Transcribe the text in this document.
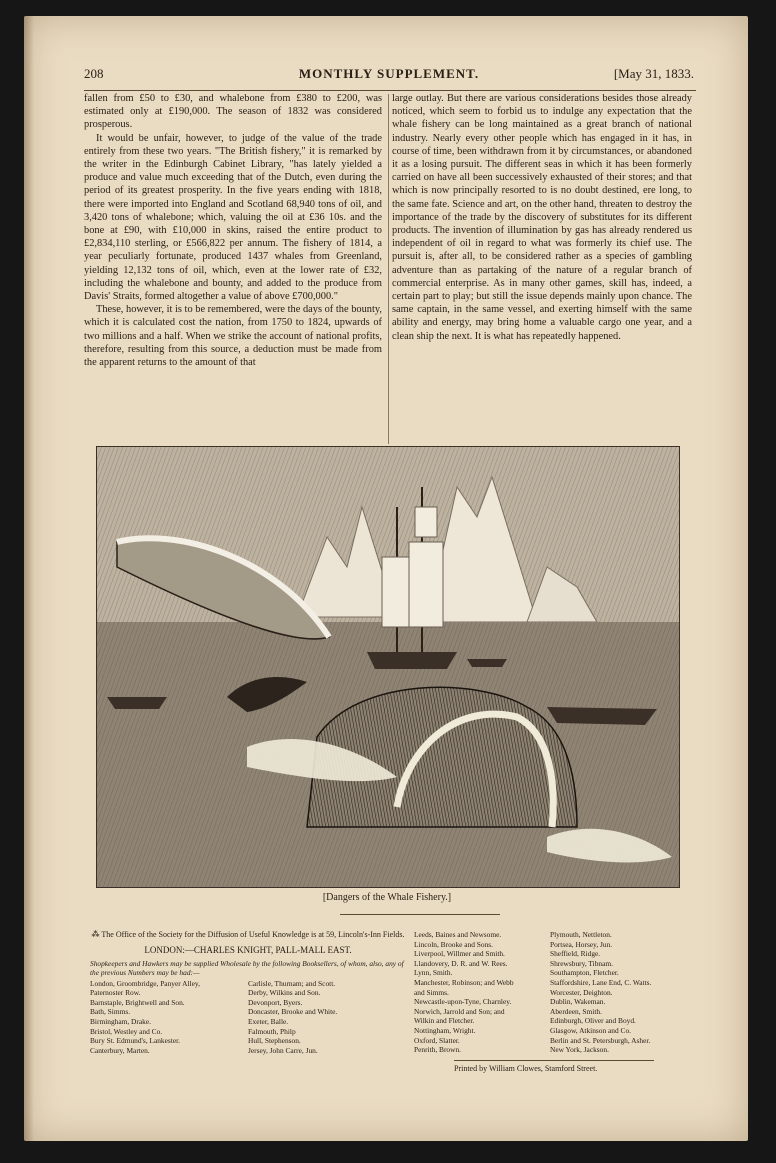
208	MONTHLY SUPPLEMENT.	[May 31, 1833.

fallen from £50 to £30, and whalebone from £380 to £200, was estimated only at £190,000. The season of 1832 was considered prosperous.

It would be unfair, however, to judge of the value of the trade entirely from these two years. "The British fishery," it is remarked by the writer in the Edinburgh Cabinet Library, "has lately yielded a produce and value much exceeding that of the Dutch, even during the period of its greatest prosperity. In the five years ending with 1818, there were imported into England and Scotland 68,940 tons of oil, and 3,420 tons of whalebone; which, valuing the oil at £36 10s. and the bone at £90, with £10,000 in skins, raised the entire product to £2,834,110 sterling, or £566,822 per annum. The fishery of 1814, a year peculiarly fortunate, produced 1437 whales from Greenland, yielding 12,132 tons of oil, which, even at the lower rate of £32, including the whalebone and bounty, and added to the produce from Davis' Straits, formed altogether a value of above £700,000."

These, however, it is to be remembered, were the days of the bounty, which it is calculated cost the nation, from 1750 to 1824, upwards of two millions and a half. When we strike the account of national profits, therefore, resulting from this source, a deduction must be made from the apparent returns to the amount of that

large outlay. But there are various considerations besides those already noticed, which seem to forbid us to indulge any expectation that the whale fishery can be long maintained as a great branch of national industry. Nearly every other people which has engaged in it has, in course of time, been withdrawn from it by circumstances, or abandoned it as a losing pursuit. The different seas in which it has been formerly carried on have all been successively exhausted of their stores; and that which is now principally resorted to is no doubt destined, ere long, to the same fate. Science and art, on the other hand, threaten to destroy the importance of the trade by the discovery of substitutes for its different products. The invention of illumination by gas has already rendered us independent of oil in regard to what was formerly its chief use. The pursuit is, after all, to be considered rather as a species of gambling adventure than as partaking of the nature of a regular branch of commercial enterprise. As in many other games, skill has, indeed, a certain part to play; but still the issue depends mainly upon chance. The same captain, in the same vessel, and exerting himself with the same ability and energy, may bring home a valuable cargo one year, and a clean ship the next. It is what has repeatedly happened.

[Dangers of the Whale Fishery.]
⁂ The Office of the Society for the Diffusion of Useful Knowledge is at 59, Lincoln's-Inn Fields.
LONDON:—CHARLES KNIGHT, PALL-MALL EAST.
Shopkeepers and Hawkers may be supplied Wholesale by the following Booksellers, of whom, also, any of the previous Numbers may be had:—
London, Groombridge, Panyer Alley,
Paternoster Row.
Barnstaple, Brightwell and Son.
Bath, Simms.
Birmingham, Drake.
Bristol, Westley and Co.
Bury St. Edmund's, Lankester.
Canterbury, Marten.
Carlisle, Thurnam; and Scott.
Derby, Wilkins and Son.
Devonport, Byers.
Doncaster, Brooke and White.
Exeter, Balle.
Falmouth, Philp
Hull, Stephenson.
Jersey, John Carre, Jun.
Leeds, Baines and Newsome.
Lincoln, Brooke and Sons.
Liverpool, Willmer and Smith.
Llandovery, D. R. and W. Rees.
Lynn, Smith.
Manchester, Robinson; and Webb
and Simms.
Newcastle-upon-Tyne, Charnley.
Norwich, Jarrold and Son; and
Wilkin and Fletcher.
Nottingham, Wright.
Oxford, Slatter.
Penrith, Brown.
Plymouth, Nettleton.
Portsea, Horsey, Jun.
Sheffield, Ridge.
Shrewsbury, Tibnam.
Southampton, Fletcher.
Staffordshire, Lane End, C. Watts.
Worcester, Deighton.
Dublin, Wakeman.
Aberdeen, Smith.
Edinburgh, Oliver and Boyd.
Glasgow, Atkinson and Co.
Berlin and St. Petersburgh, Asher.
New York, Jackson.
Printed by William Clowes, Stamford Street.
